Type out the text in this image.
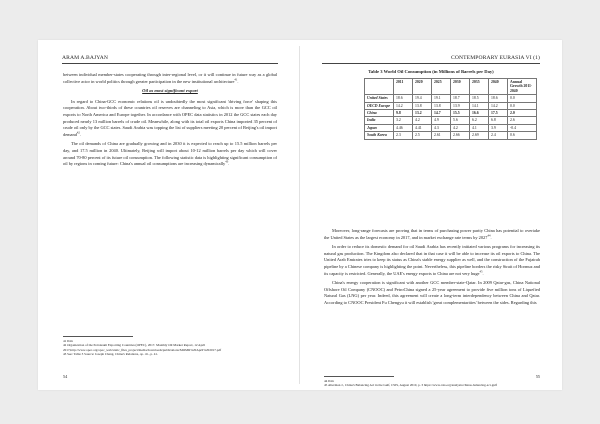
ARAM A.BAJYAN

between individual member-states cooperating through inter-regional level, or it will continue in future way as a global collective actor in world politics through greater participation in the new institutional architecture$^{41}$.

Oil as most significant export

In regard to China-GCC economic relations oil is undoubtedly the most significant 'driving force' shaping this cooperation. About two-thirds of these countries oil reserves are channeling to Asia, which is more than the GCC oil exports to North America and Europe together. In accordance with OPEC data statistics in 2012 the GCC states each day produced nearly 13 million barrels of crude oil. Meanwhile, along with its total oil exports China imported 35 percent of crude oil only by the GCC states. Saudi Arabia was topping the list of suppliers meeting 20 percent of Beijing's oil import demand$^{42}$.

The oil demands of China are gradually growing and in 2030 it is expected to reach up to 15.5 million barrels per day, and 17.5 million in 2040. Ultimately, Beijing will import about 10-12 million barrels per day which will cover around 70-80 percent of its future oil consumption. The following statistic data is highlighting significant consumption of oil by regions in coming future: China's annual oil consumptions are increasing dynamically$^{43}$.

41 Ibid.

42 Organization of the Petroleum Exporting Countries (OPEC), 2017. Monthly Oil Market Report, 12 April 2017,http://www.opec.org/opec_web/static_files_project/media/downloads/publications/MOMR%20April%202017.pdf

43 See: Table 3 Source: Joseph Chang, China's Relations, op. cit., p. 41.

54
CONTEMPORARY EURASIA VI (1)
Table 3 World Oil Consumption (in Millions of Barrels per Day)
	2011	2020	2025	2030	2035	2040	Annual Growth 2011-2040
United States	18.6	19.4	19.1	18.7	18.5	18.6	0.0
OECD Europe	14.2	13.8	13.8	13.9	14.1	14.2	0.0
China	9.8	13.2	14.7	15.5	16.6	17.5	2.0
India	3.2	4.2	4.9	5.6	6.2	6.8	2.6
Japan	4.46	4.41	4.3	4.2	4.1	3.9	-0.4
South Korea	2.3	2.5	2.61	2.66	2.69	2.4	0.6

Moreover, long-range forecasts are proving that in terms of purchasing power parity China has potential to overtake the United States as the largest economy in 2017, and in market exchange rate terms by 2027$^{44}$.

In order to reduce its domestic demand for oil Saudi Arabia has recently initiated various programs for increasing its natural gas production. The Kingdom also declared that in that case it will be able to increase its oil exports to China. The United Arab Emirates tries to keep its status as China's stable energy supplier as well, and the construction of the Fujairah pipeline by a Chinese company is highlighting the point. Nevertheless, this pipeline borders the risky Strait of Hormuz and its capacity is restricted. Generally, the UAE's energy exports to China are not very huge$^{45}$.

China's energy cooperation is significant with another GCC member-state-Qatar. In 2009 Qatar-gas, China National Offshore Oil Company (CNOOC) and PetroChina signed a 25-year agreement to provide five million tons of Liquefied Natural Gas (LNG) per year. Indeed, this agreement will create a long-term interdependency between China and Qatar. According to CNOOC President Fu Chengyu it will establish 'great complementarities' between the sides. Regarding this

44 Ibid.

45 Alterman J., China's Balancing Act in the Gulf, CSIS, August 2010, p. 3 https://www.csis.org/analysis/chinas-balancing-act-gulf

55
